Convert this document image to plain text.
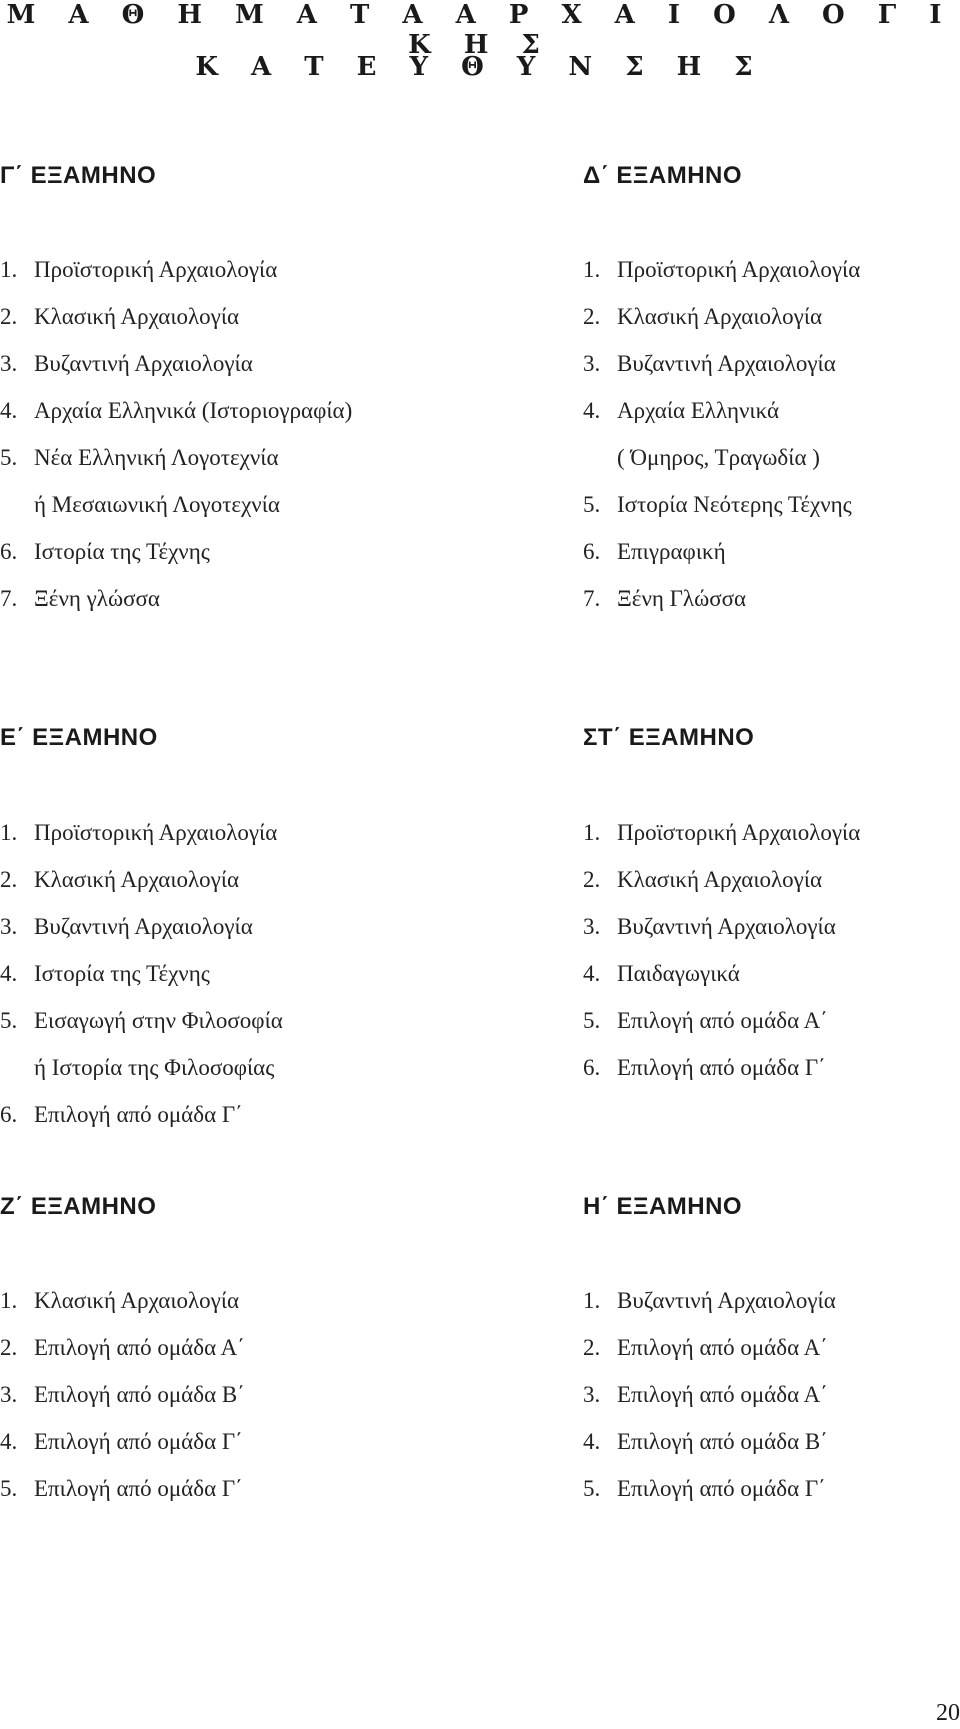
Μ Α Θ Η Μ Α Τ Α Α Ρ Χ Α Ι Ο Λ Ο Γ Ι Κ Η Σ
Κ Α Τ Ε Υ Θ Υ Ν Σ Η Σ
Γ΄ ΕΞΑΜΗΝΟ
1. Προϊστορική Αρχαιολογία
2. Κλασική Αρχαιολογία
3. Βυζαντινή Αρχαιολογία
4. Αρχαία Ελληνικά (Ιστοριογραφία)
5. Νέα Ελληνική Λογοτεχνία
ή Μεσαιωνική Λογοτεχνία
6. Ιστορία της Τέχνης
7. Ξένη γλώσσα
Δ΄ ΕΞΑΜΗΝΟ
1. Προϊστορική Αρχαιολογία
2. Κλασική Αρχαιολογία
3. Βυζαντινή Αρχαιολογία
4. Αρχαία Ελληνικά
( Όμηρος, Τραγωδία )
5. Ιστορία Νεότερης Τέχνης
6. Επιγραφική
7. Ξένη Γλώσσα
Ε΄ ΕΞΑΜΗΝΟ
1. Προϊστορική Αρχαιολογία
2. Κλασική Αρχαιολογία
3. Βυζαντινή Αρχαιολογία
4. Ιστορία της Τέχνης
5. Εισαγωγή στην Φιλοσοφία
ή Ιστορία της Φιλοσοφίας
6. Επιλογή από ομάδα Γ΄
ΣΤ΄ ΕΞΑΜΗΝΟ
1. Προϊστορική Αρχαιολογία
2. Κλασική Αρχαιολογία
3. Βυζαντινή Αρχαιολογία
4. Παιδαγωγικά
5. Επιλογή από ομάδα Α΄
6. Επιλογή από ομάδα Γ΄
Ζ΄ ΕΞΑΜΗΝΟ
1. Κλασική Αρχαιολογία
2. Επιλογή από ομάδα Α΄
3. Επιλογή από ομάδα Β΄
4. Επιλογή από ομάδα Γ΄
5. Επιλογή από ομάδα Γ΄
Η΄ ΕΞΑΜΗΝΟ
1. Βυζαντινή Αρχαιολογία
2. Επιλογή από ομάδα Α΄
3. Επιλογή από ομάδα Α΄
4. Επιλογή από ομάδα Β΄
5. Επιλογή από ομάδα Γ΄
20
